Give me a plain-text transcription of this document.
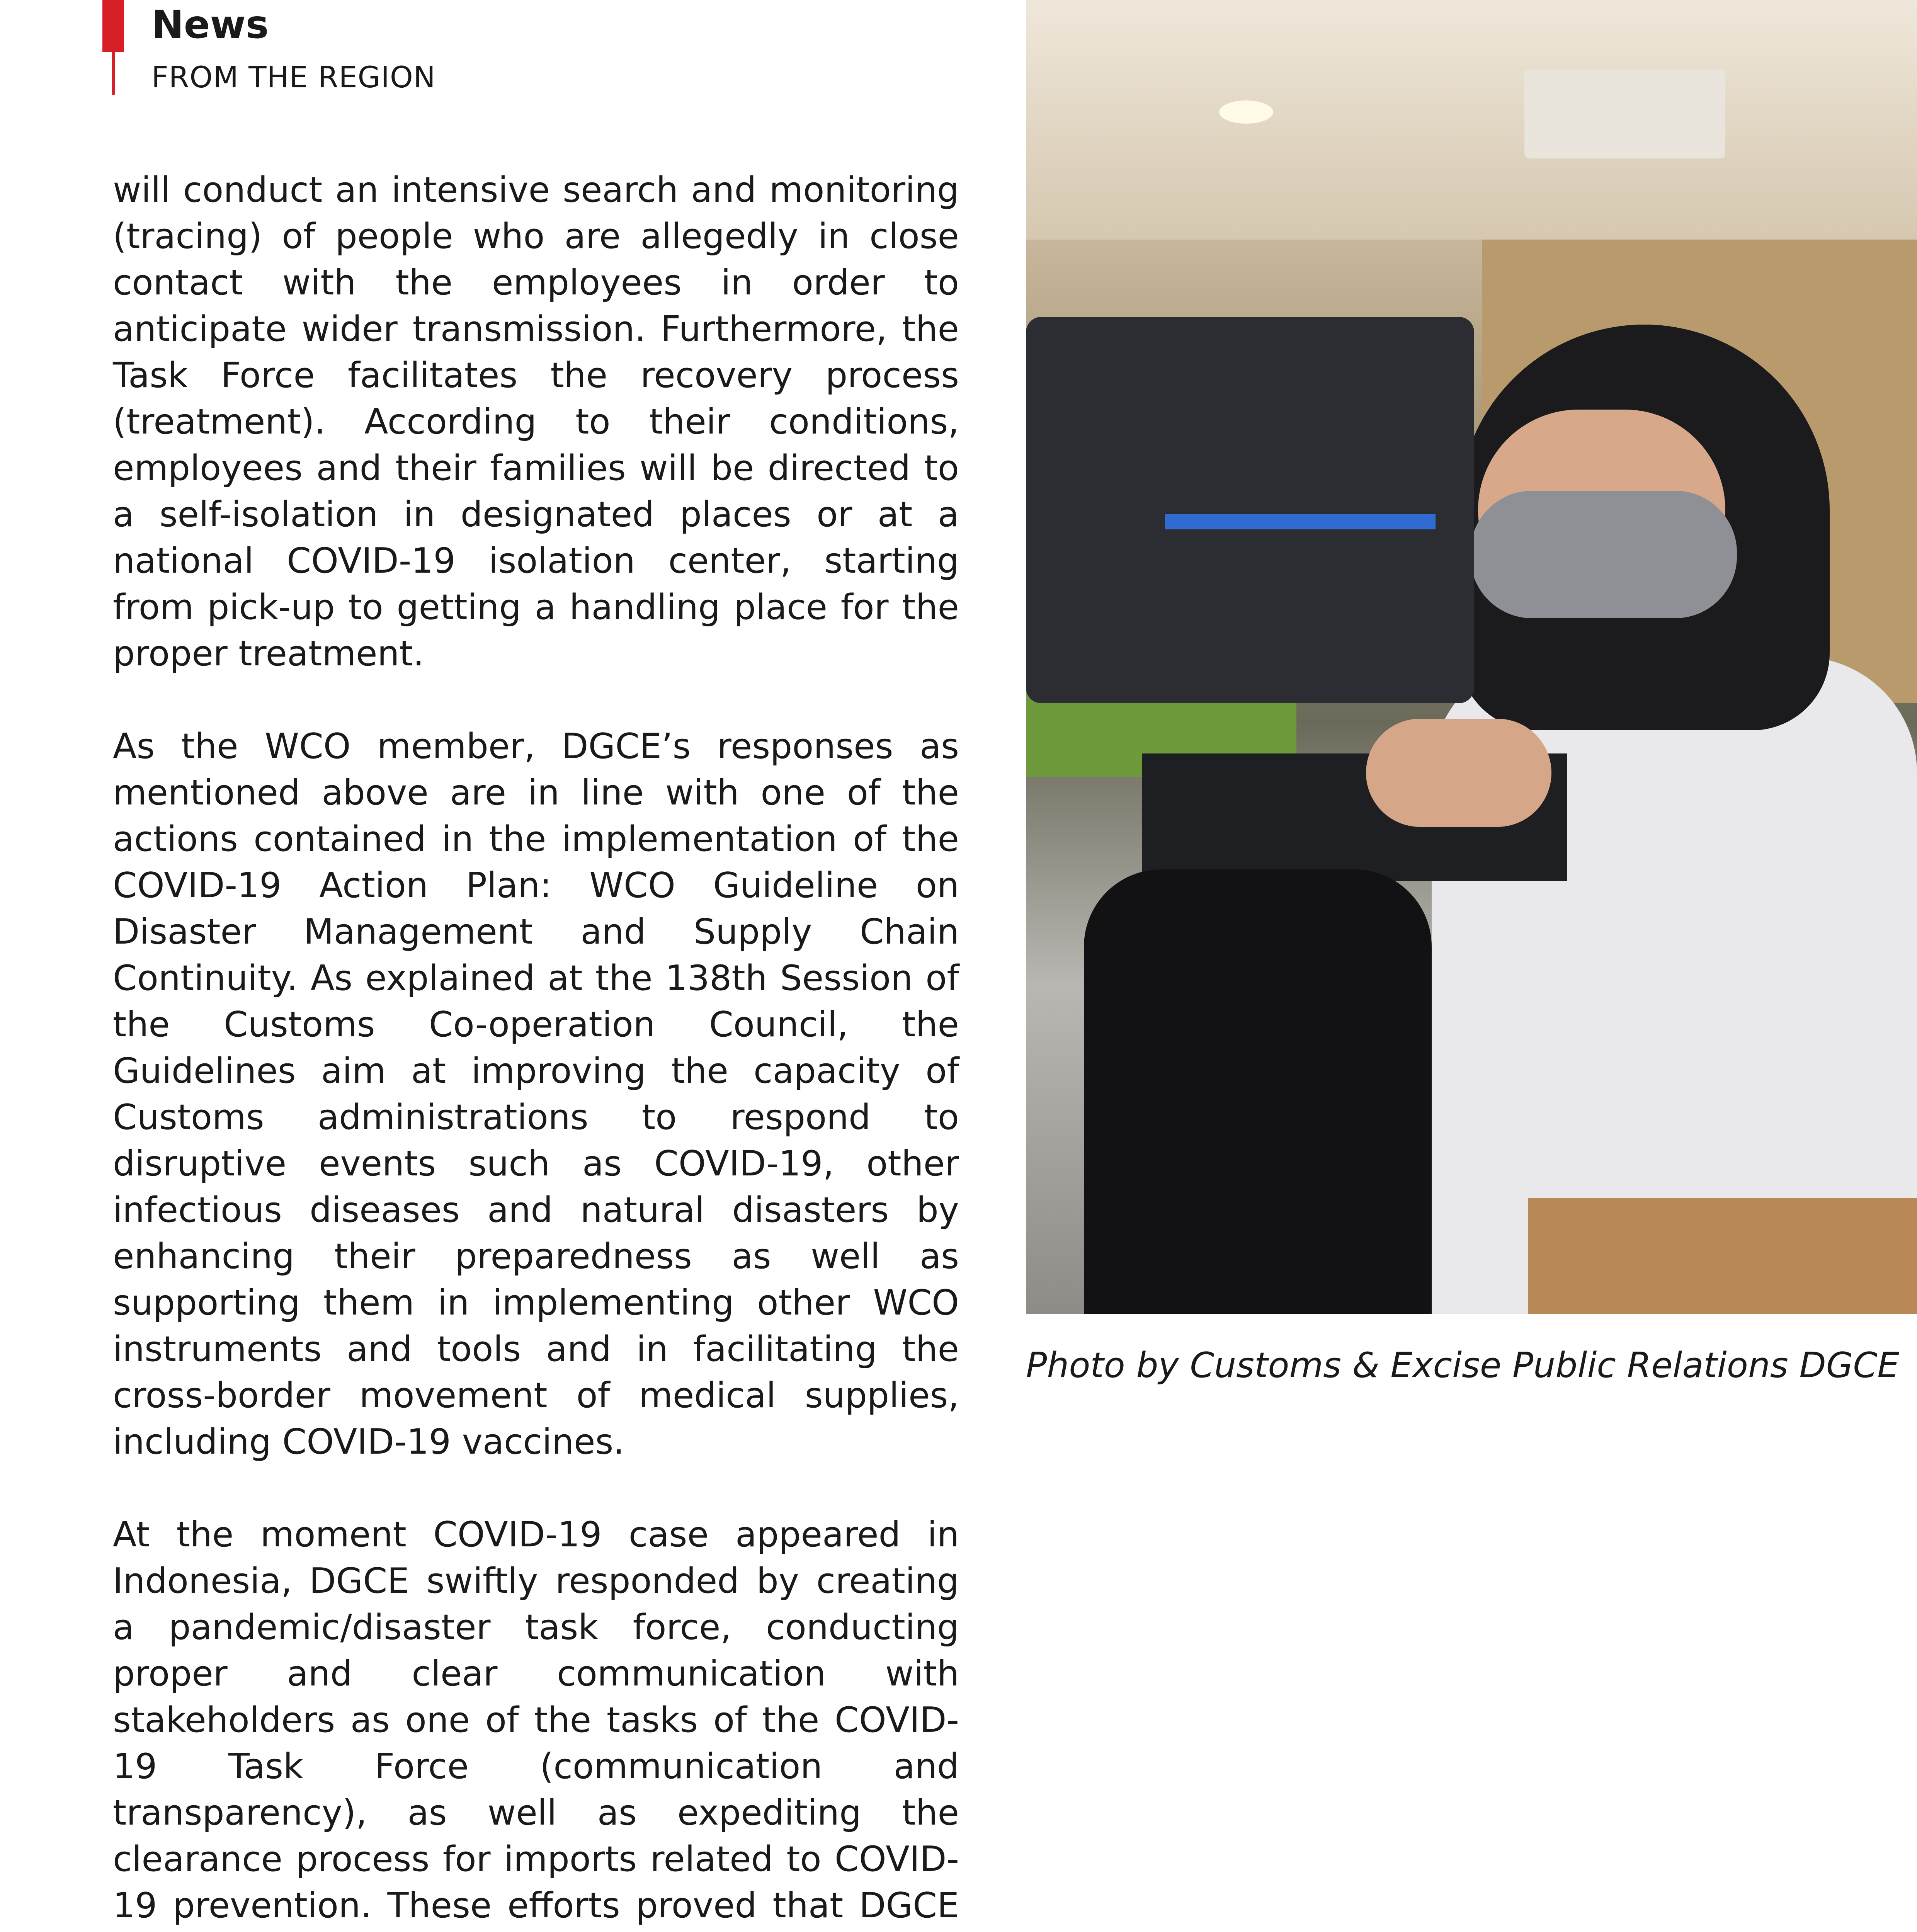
News
FROM THE REGION

will conduct an intensive search and monitoring (tracing) of people who are allegedly in close contact with the employees in order to anticipate wider transmission. Furthermore, the Task Force facilitates the recovery process (treatment). According to their conditions, employees and their families will be directed to a self-isolation in designated places or at a national COVID-19 isolation center, starting from pick-up to getting a handling place for the proper treatment.

As the WCO member, DGCE’s responses as mentioned above are in line with one of the actions contained in the implementation of the COVID-19 Action Plan: WCO Guideline on Disaster Management and Supply Chain Continuity. As explained at the 138th Session of the Customs Co-operation Council, the Guidelines aim at improving the capacity of Customs administrations to respond to disruptive events such as COVID-19, other infectious diseases and natural disasters by enhancing their preparedness as well as supporting them in implementing other WCO instruments and tools and in facilitating the cross-border movement of medical supplies, including COVID-19 vaccines.

At the moment COVID-19 case appeared in Indonesia, DGCE swiftly responded by creating a pandemic/disaster task force, conducting proper and clear communication with stakeholders as one of the tasks of the COVID-19 Task Force (communication and transparency), as well as expediting the clearance process for imports related to COVID-19 prevention. These efforts proved that DGCE

Photo by Customs & Excise Public Relations DGCE
